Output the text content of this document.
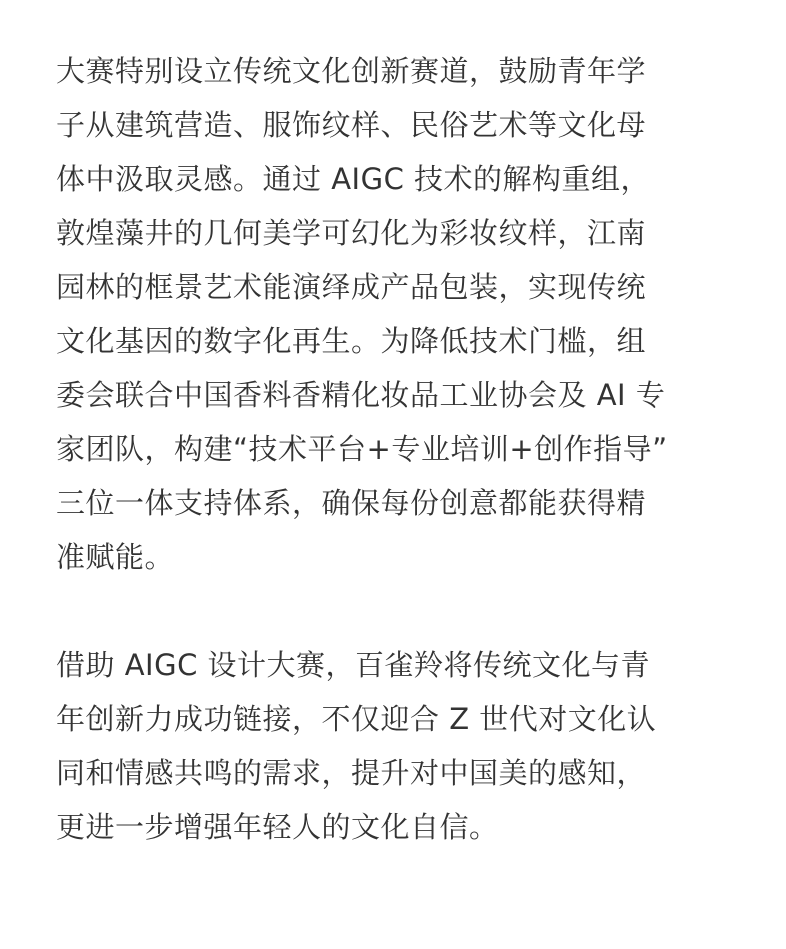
大赛特别设立传统文化创新赛道，鼓励青年学
子从建筑营造、服饰纹样、民俗艺术等文化母
体中汲取灵感。通过 AIGC 技术的解构重组，
敦煌藻井的几何美学可幻化为彩妆纹样，江南
园林的框景艺术能演绎成产品包装，实现传统
文化基因的数字化再生。为降低技术门槛，组
委会联合中国香料香精化妆品工业协会及 AI 专
家团队，构建“技术平台+专业培训+创作指导”
三位一体支持体系，确保每份创意都能获得精
准赋能。
借助 AIGC 设计大赛，百雀羚将传统文化与青
年创新力成功链接，不仅迎合 Z 世代对文化认
同和情感共鸣的需求，提升对中国美的感知，
更进一步增强年轻人的文化自信。
